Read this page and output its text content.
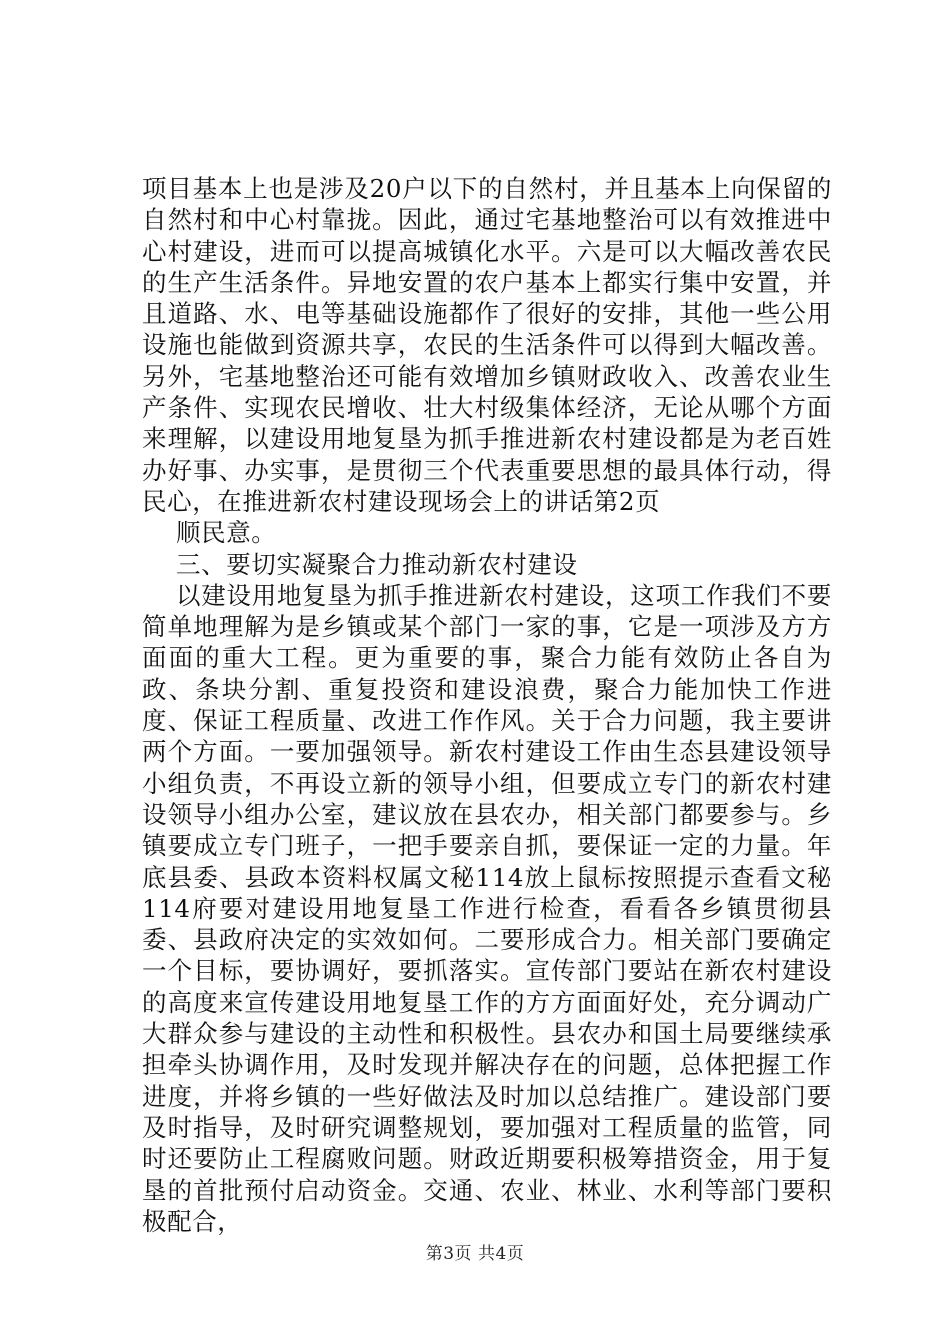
项目基本上也是涉及20户以下的自然村，并且基本上向保留的自然村和中心村靠拢。因此，通过宅基地整治可以有效推进中心村建设，进而可以提高城镇化水平。六是可以大幅改善农民的生产生活条件。异地安置的农户基本上都实行集中安置，并且道路、水、电等基础设施都作了很好的安排，其他一些公用设施也能做到资源共享，农民的生活条件可以得到大幅改善。另外，宅基地整治还可能有效增加乡镇财政收入、改善农业生产条件、实现农民增收、壮大村级集体经济，无论从哪个方面来理解，以建设用地复垦为抓手推进新农村建设都是为老百姓办好事、办实事，是贯彻三个代表重要思想的最具体行动，得民心，在推进新农村建设现场会上的讲话第2页

顺民意。

三、要切实凝聚合力推动新农村建设

以建设用地复垦为抓手推进新农村建设，这项工作我们不要简单地理解为是乡镇或某个部门一家的事，它是一项涉及方方面面的重大工程。更为重要的事，聚合力能有效防止各自为政、条块分割、重复投资和建设浪费，聚合力能加快工作进度、保证工程质量、改进工作作风。关于合力问题，我主要讲两个方面。一要加强领导。新农村建设工作由生态县建设领导小组负责，不再设立新的领导小组，但要成立专门的新农村建设领导小组办公室，建议放在县农办，相关部门都要参与。乡镇要成立专门班子，一把手要亲自抓，要保证一定的力量。年底县委、县政本资料权属文秘114放上鼠标按照提示查看文秘114府要对建设用地复垦工作进行检查，看看各乡镇贯彻县委、县政府决定的实效如何。二要形成合力。相关部门要确定一个目标，要协调好，要抓落实。宣传部门要站在新农村建设的高度来宣传建设用地复垦工作的方方面面好处，充分调动广大群众参与建设的主动性和积极性。县农办和国土局要继续承担牵头协调作用，及时发现并解决存在的问题，总体把握工作进度，并将乡镇的一些好做法及时加以总结推广。建设部门要及时指导，及时研究调整规划，要加强对工程质量的监管，同时还要防止工程腐败问题。财政近期要积极筹措资金，用于复垦的首批预付启动资金。交通、农业、林业、水利等部门要积极配合，

第3页 共4页
